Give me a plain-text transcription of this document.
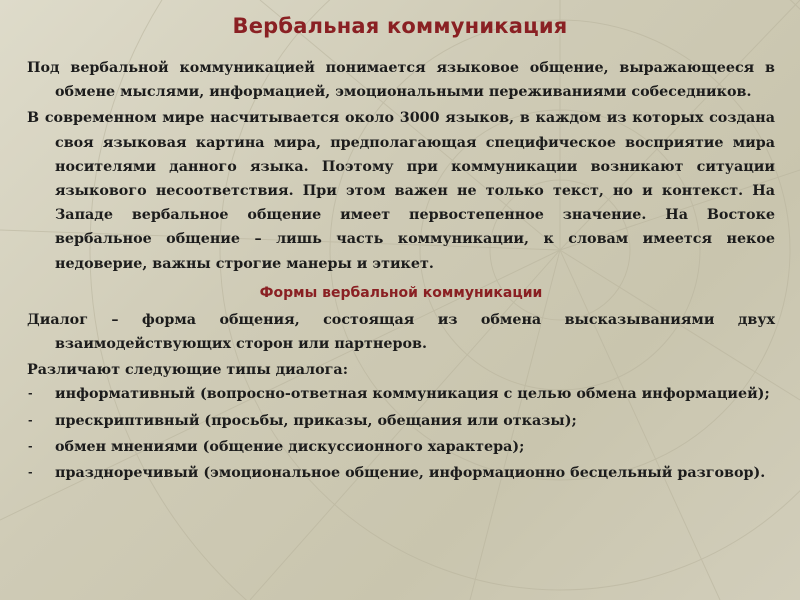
Вербальная коммуникация

Под вербальной коммуникацией понимается языковое общение, выражающееся в обмене мыслями, информацией, эмоциональными переживаниями собеседников.

В современном мире насчитывается около 3000 языков, в каждом из которых создана своя языковая картина мира, предполагающая специфическое восприятие мира носителями данного языка. Поэтому при коммуникации возникают ситуации языкового несоответствия. При этом важен не только текст, но и контекст. На Западе вербальное общение имеет первостепенное значение. На Востоке вербальное общение – лишь часть коммуникации, к словам имеется некое недоверие, важны строгие манеры и этикет.

Формы вербальной коммуникации

Диалог – форма общения, состоящая из обмена высказываниями двух взаимодействующих сторон или партнеров.

Различают следующие типы диалога:

- информативный (вопросно-ответная коммуникация с целью обмена информацией);
- прескриптивный (просьбы, приказы, обещания или отказы);
- обмен мнениями (общение дискуссионного характера);
- празднoречивый (эмоциональное общение, информационно бесцельный разговор).
